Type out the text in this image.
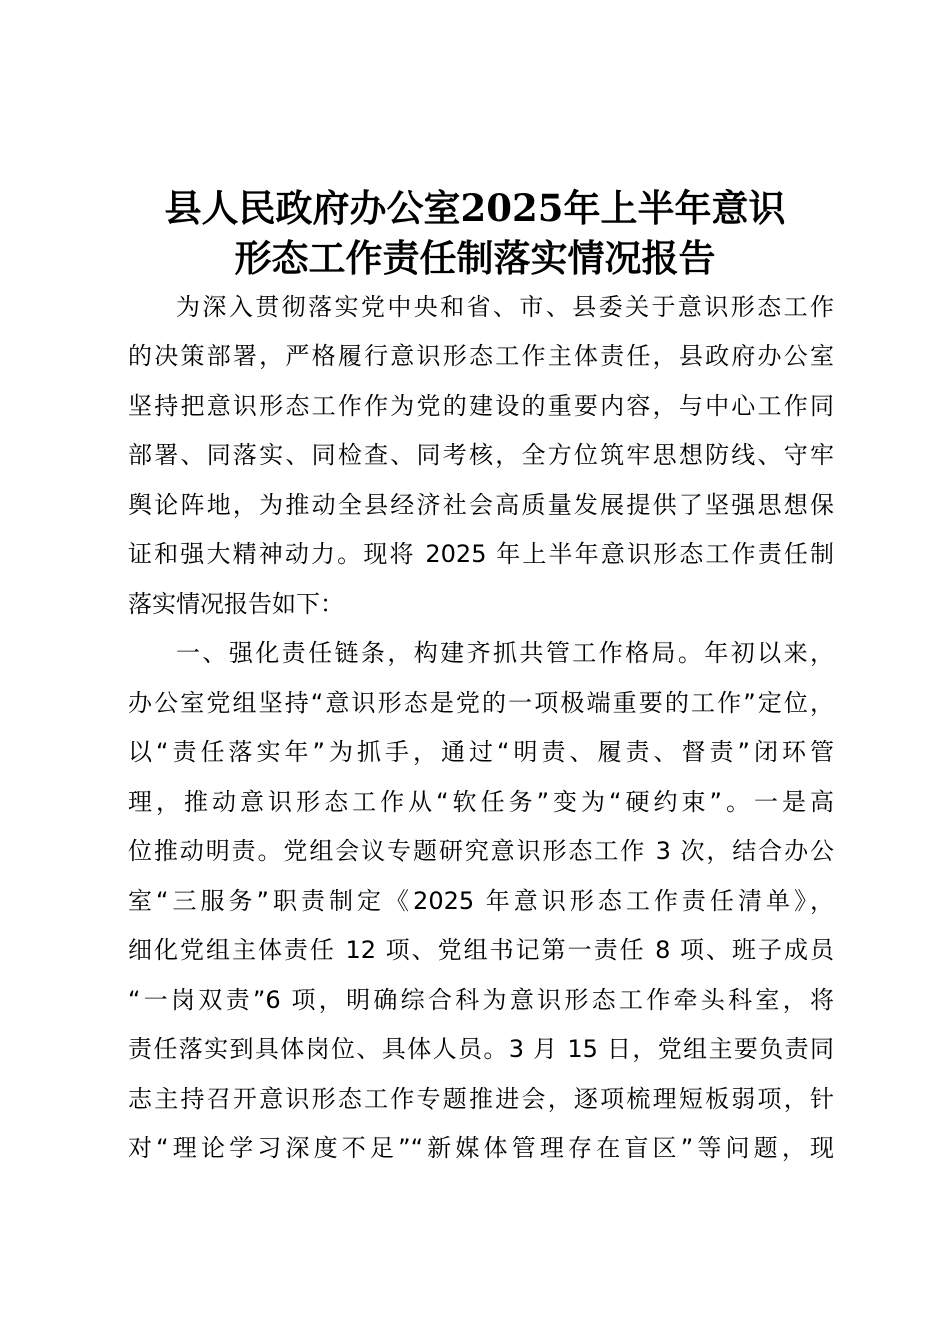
县人民政府办公室2025年上半年意识
形态工作责任制落实情况报告

为深入贯彻落实党中央和省、市、县委关于意识形态工作

的决策部署，严格履行意识形态工作主体责任，县政府办公室

坚持把意识形态工作作为党的建设的重要内容，与中心工作同

部署、同落实、同检查、同考核，全方位筑牢思想防线、守牢

舆论阵地，为推动全县经济社会高质量发展提供了坚强思想保

证和强大精神动力。现将 2025 年上半年意识形态工作责任制

落实情况报告如下：

一、强化责任链条，构建齐抓共管工作格局。年初以来，

办公室党组坚持“意识形态是党的一项极端重要的工作”定位，

以“责任落实年”为抓手，通过“明责、履责、督责”闭环管

理，推动意识形态工作从“软任务”变为“硬约束”。一是高

位推动明责。党组会议专题研究意识形态工作 3 次，结合办公

室“三服务”职责制定《2025 年意识形态工作责任清单》，

细化党组主体责任 12 项、党组书记第一责任 8 项、班子成员

“一岗双责”6 项，明确综合科为意识形态工作牵头科室，将

责任落实到具体岗位、具体人员。3 月 15 日，党组主要负责同

志主持召开意识形态工作专题推进会，逐项梳理短板弱项，针

对“理论学习深度不足”“新媒体管理存在盲区”等问题，现
